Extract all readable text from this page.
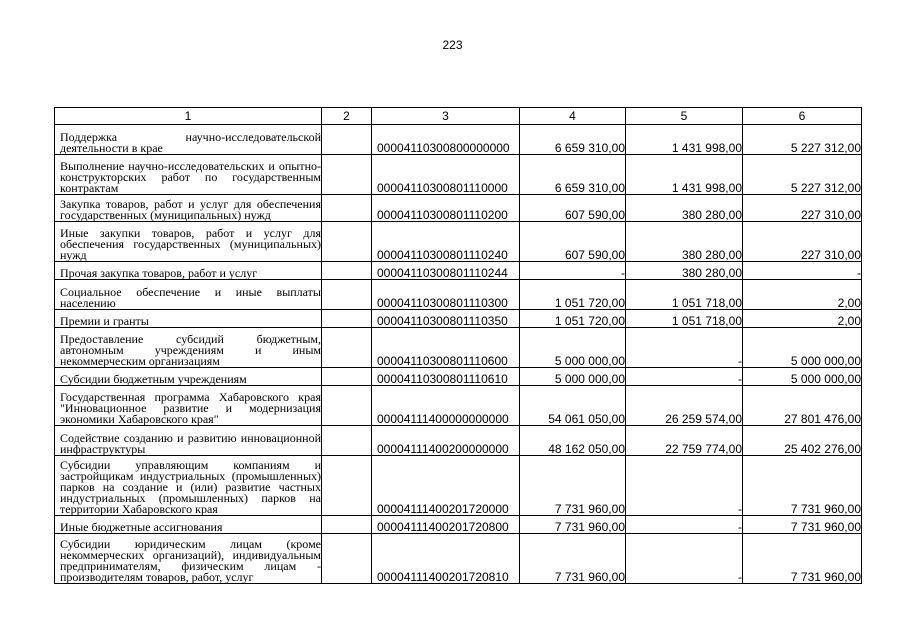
223
1	2	3	4	5	6
Поддержка научно-исследовательской деятельности в крае		00004110300800000000	6 659 310,00	1 431 998,00	5 227 312,00
Выполнение научно-исследовательских и опытно-конструкторских работ по государственным контрактам		00004110300801110000	6 659 310,00	1 431 998,00	5 227 312,00
Закупка товаров, работ и услуг для обеспечения государственных (муниципальных) нужд		00004110300801110200	607 590,00	380 280,00	227 310,00
Иные закупки товаров, работ и услуг для обеспечения государственных (муниципальных) нужд		00004110300801110240	607 590,00	380 280,00	227 310,00
Прочая закупка товаров, работ и услуг		00004110300801110244	-	380 280,00	-
Социальное обеспечение и иные выплаты населению		00004110300801110300	1 051 720,00	1 051 718,00	2,00
Премии и гранты		00004110300801110350	1 051 720,00	1 051 718,00	2,00
Предоставление субсидий бюджетным, автономным учреждениям и иным некоммерческим организациям		00004110300801110600	5 000 000,00	-	5 000 000,00
Субсидии бюджетным учреждениям		00004110300801110610	5 000 000,00	-	5 000 000,00
Государственная программа Хабаровского края "Инновационное развитие и модернизация экономики Хабаровского края"		00004111400000000000	54 061 050,00	26 259 574,00	27 801 476,00
Содействие созданию и развитию инновационной инфраструктуры		00004111400200000000	48 162 050,00	22 759 774,00	25 402 276,00
Субсидии управляющим компаниям и застройщикам индустриальных (промышленных) парков на создание и (или) развитие частных индустриальных (промышленных) парков на территории Хабаровского края		00004111400201720000	7 731 960,00	-	7 731 960,00
Иные бюджетные ассигнования		00004111400201720800	7 731 960,00	-	7 731 960,00
Субсидии юридическим лицам (кроме некоммерческих организаций), индивидуальным предпринимателям, физическим лицам - производителям товаров, работ, услуг		00004111400201720810	7 731 960,00	-	7 731 960,00
